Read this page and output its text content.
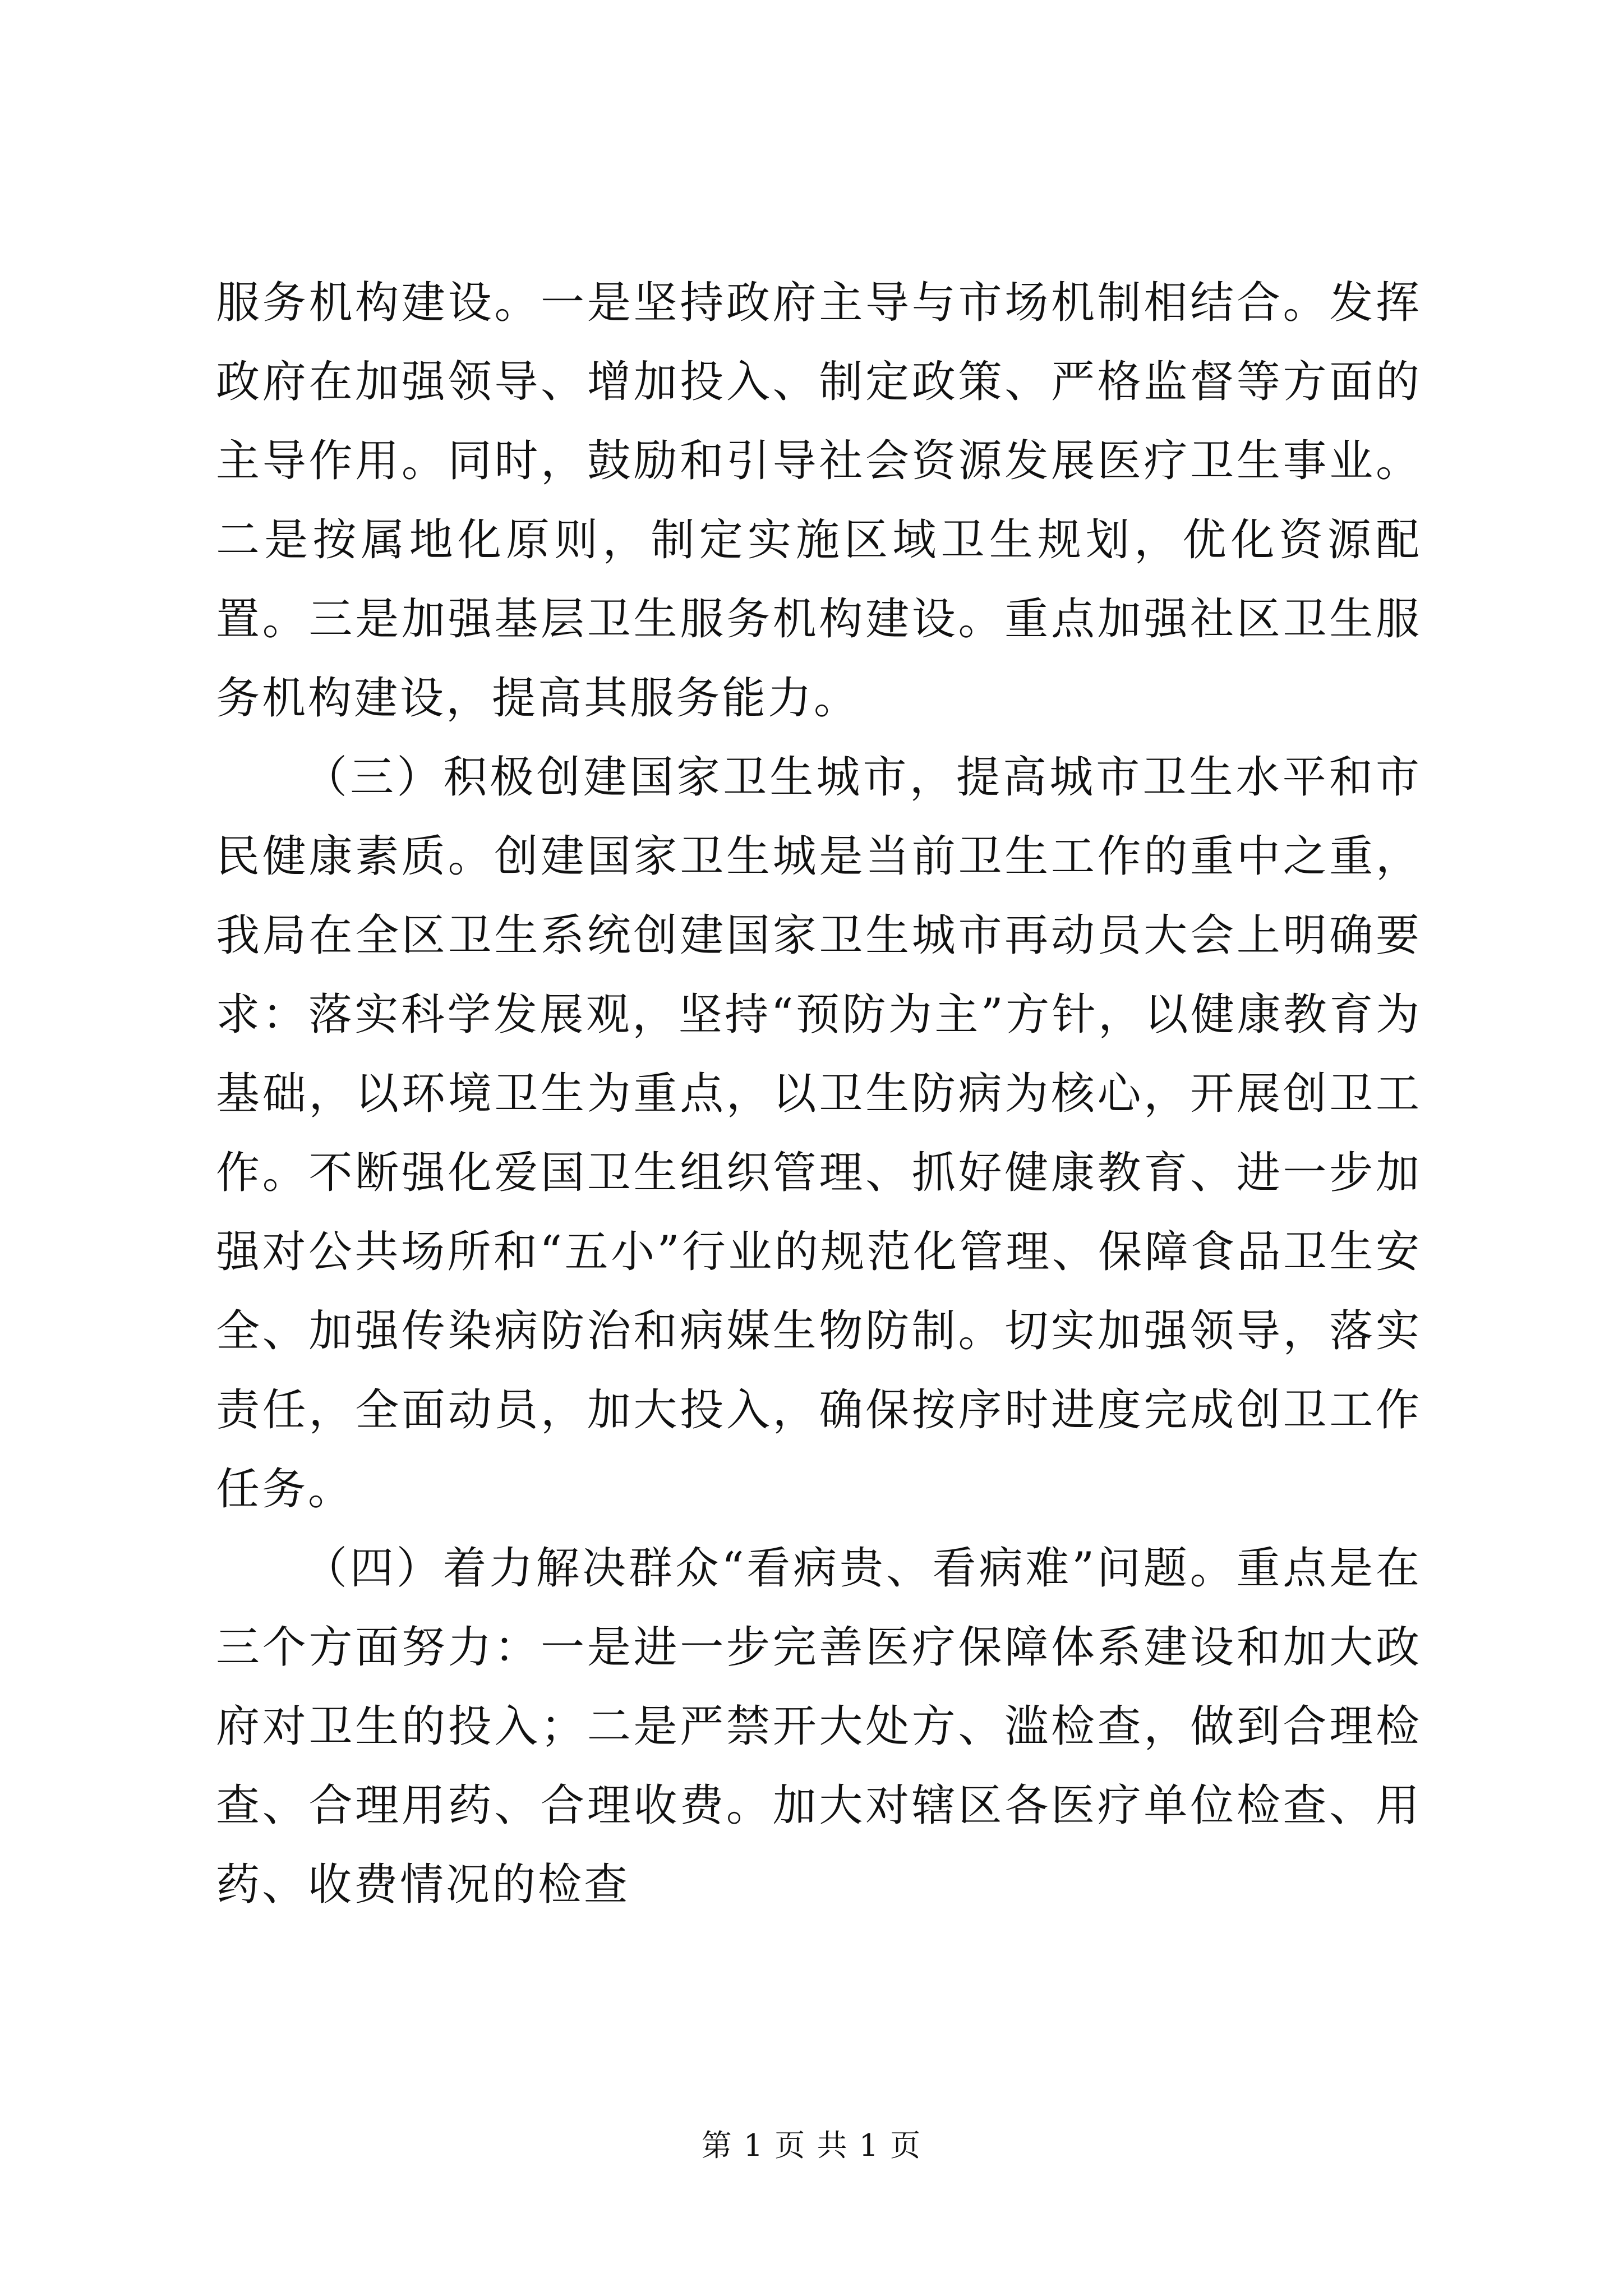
服务机构建设。一是坚持政府主导与市场机制相结合。发挥政府在加强领导、增加投入、制定政策、严格监督等方面的主导作用。同时，鼓励和引导社会资源发展医疗卫生事业。二是按属地化原则，制定实施区域卫生规划，优化资源配置。三是加强基层卫生服务机构建设。重点加强社区卫生服务机构建设，提高其服务能力。

（三）积极创建国家卫生城市，提高城市卫生水平和市民健康素质。创建国家卫生城是当前卫生工作的重中之重，我局在全区卫生系统创建国家卫生城市再动员大会上明确要求：落实科学发展观，坚持“预防为主”方针，以健康教育为基础，以环境卫生为重点，以卫生防病为核心，开展创卫工作。不断强化爱国卫生组织管理、抓好健康教育、进一步加强对公共场所和“五小”行业的规范化管理、保障食品卫生安全、加强传染病防治和病媒生物防制。切实加强领导，落实责任，全面动员，加大投入，确保按序时进度完成创卫工作任务。

（四）着力解决群众“看病贵、看病难”问题。重点是在三个方面努力：一是进一步完善医疗保障体系建设和加大政府对卫生的投入；二是严禁开大处方、滥检查，做到合理检查、合理用药、合理收费。加大对辖区各医疗单位检查、用药、收费情况的检查

第 1 页 共 1 页
